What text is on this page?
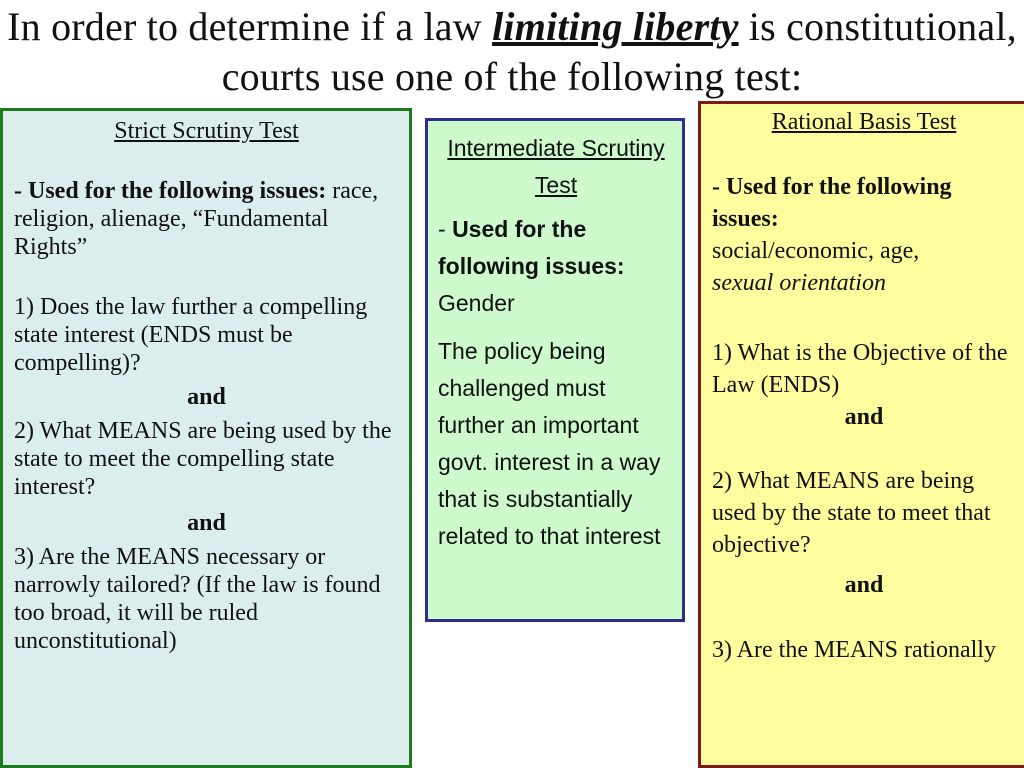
In order to determine if a law limiting liberty is constitutional, courts use one of the following test:
Strict Scrutiny Test

- Used for the following issues: race, religion, alienage, “Fundamental Rights”

1) Does the law further a compelling state interest (ENDS must be compelling)?

and

2) What MEANS are being used by the state to meet the compelling state interest?

and

3) Are the MEANS necessary or narrowly tailored? (If the law is found too broad, it will be ruled unconstitutional)

Intermediate Scrutiny Test
- Used for the following issues:
Gender
The policy being challenged must further an important govt. interest in a way that is substantially related to that interest
Rational Basis Test

- Used for the following issues:
social/economic, age,
sexual orientation

1) What is the Objective of the Law (ENDS)

and

2) What MEANS are being used by the state to meet that objective?

and

3) Are the MEANS rationally
